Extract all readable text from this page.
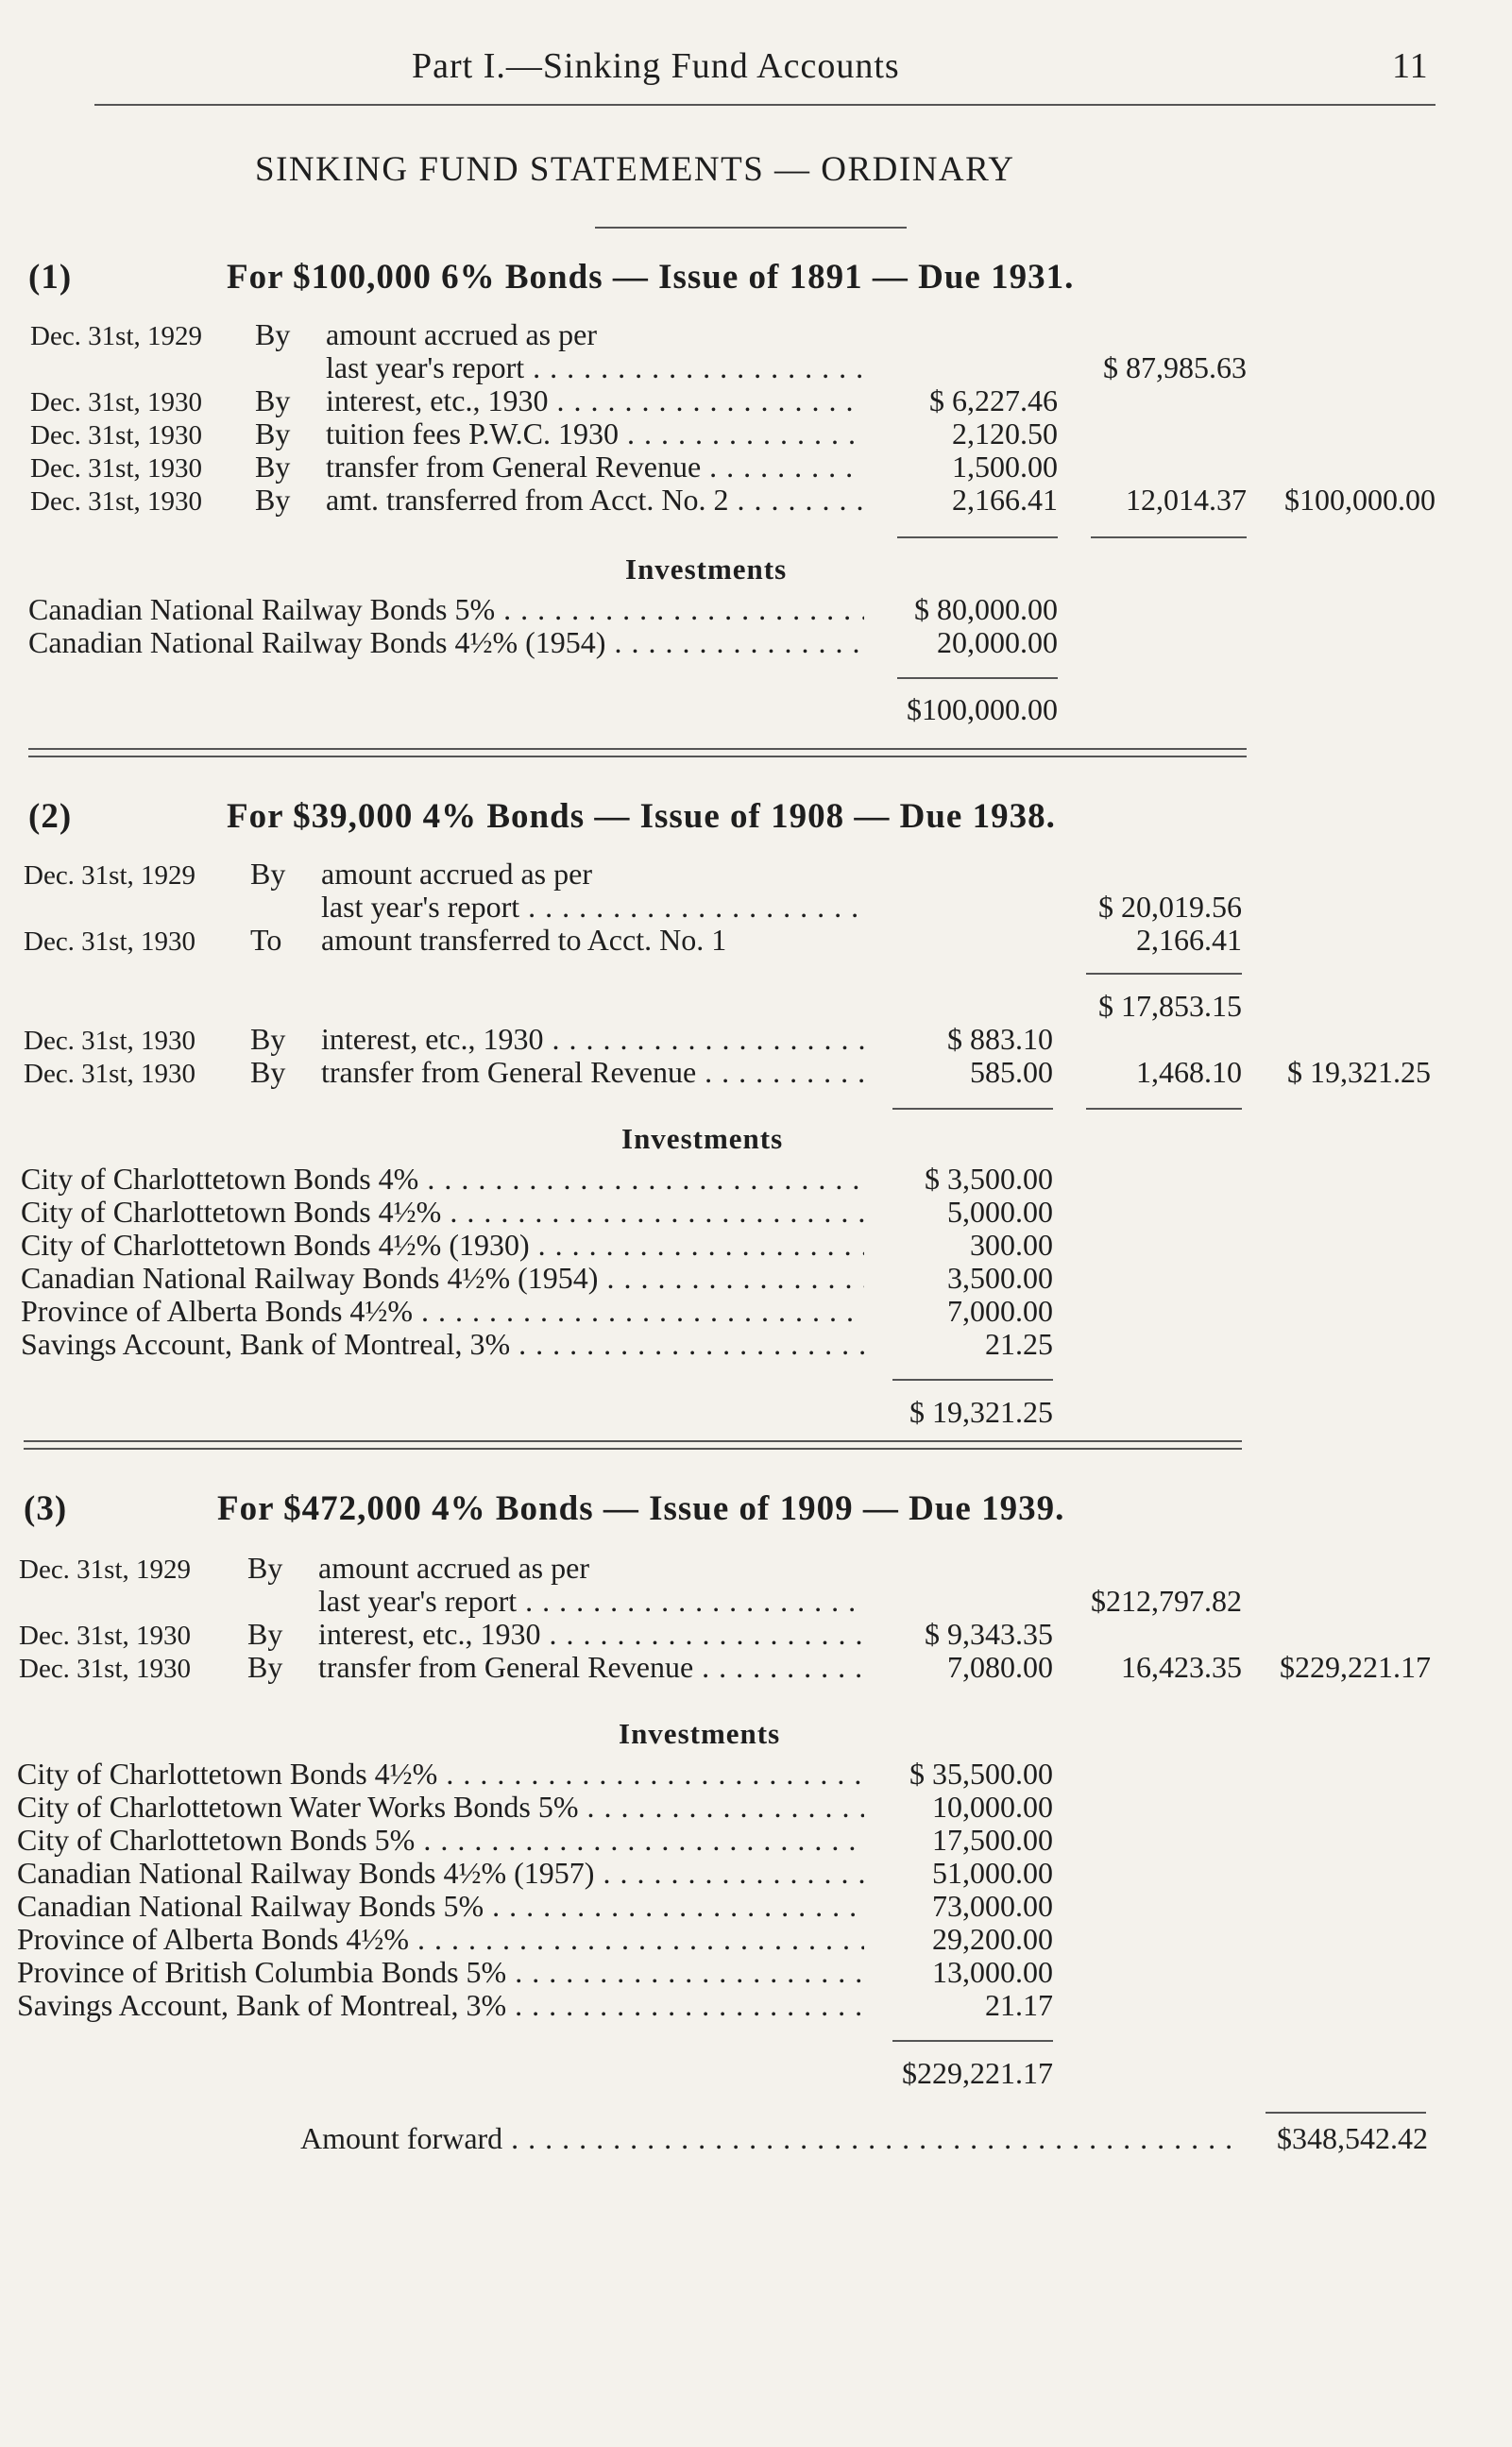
Part I.—Sinking Fund Accounts	11
SINKING FUND STATEMENTS — ORDINARY
(1)	For $100,000 6% Bonds — Issue of 1891 — Due 1931.
Dec. 31st, 1929 By amount accrued as per
last year's report . . .	$ 87,985.63
Dec. 31st, 1930 By interest, etc., 1930 . . .	$ 6,227.46
Dec. 31st, 1930 By tuition fees P.W.C. 1930 . . .	2,120.50
Dec. 31st, 1930 By transfer from General Revenue . . .	1,500.00
Dec. 31st, 1930 By amt. transferred from Acct. No. 2 . . .	2,166.41	12,014.37	$100,000.00
Investments
Canadian National Railway Bonds 5% . . .	$ 80,000.00
Canadian National Railway Bonds 4½% (1954) . . .	20,000.00
$100,000.00
(2)	For $39,000 4% Bonds — Issue of 1908 — Due 1938.
Dec. 31st, 1929 By amount accrued as per
last year's report . . .	$ 20,019.56
Dec. 31st, 1930 To amount transferred to Acct. No. 1	2,166.41
$ 17,853.15
Dec. 31st, 1930 By interest, etc., 1930 . . .	$ 883.10
Dec. 31st, 1930 By transfer from General Revenue . . .	585.00	1,468.10	$ 19,321.25
Investments
City of Charlottetown Bonds 4% . . .	$ 3,500.00
City of Charlottetown Bonds 4½% . . .	5,000.00
City of Charlottetown Bonds 4½% (1930) . . .	300.00
Canadian National Railway Bonds 4½% (1954) . . .	3,500.00
Province of Alberta Bonds 4½% . . .	7,000.00
Savings Account, Bank of Montreal, 3% . . .	21.25
$ 19,321.25
(3)	For $472,000 4% Bonds — Issue of 1909 — Due 1939.
Dec. 31st, 1929 By amount accrued as per
last year's report . . .	$212,797.82
Dec. 31st, 1930 By interest, etc., 1930 . . .	$ 9,343.35
Dec. 31st, 1930 By transfer from General Revenue . . .	7,080.00	16,423.35	$229,221.17
Investments
City of Charlottetown Bonds 4½% . . .	$ 35,500.00
City of Charlottetown Water Works Bonds 5% . . .	10,000.00
City of Charlottetown Bonds 5% . . .	17,500.00
Canadian National Railway Bonds 4½% (1957) . . .	51,000.00
Canadian National Railway Bonds 5% . . .	73,000.00
Province of Alberta Bonds 4½% . . .	29,200.00
Province of British Columbia Bonds 5% . . .	13,000.00
Savings Account, Bank of Montreal, 3% . . .	21.17
$229,221.17
Amount forward . . .	$348,542.42
